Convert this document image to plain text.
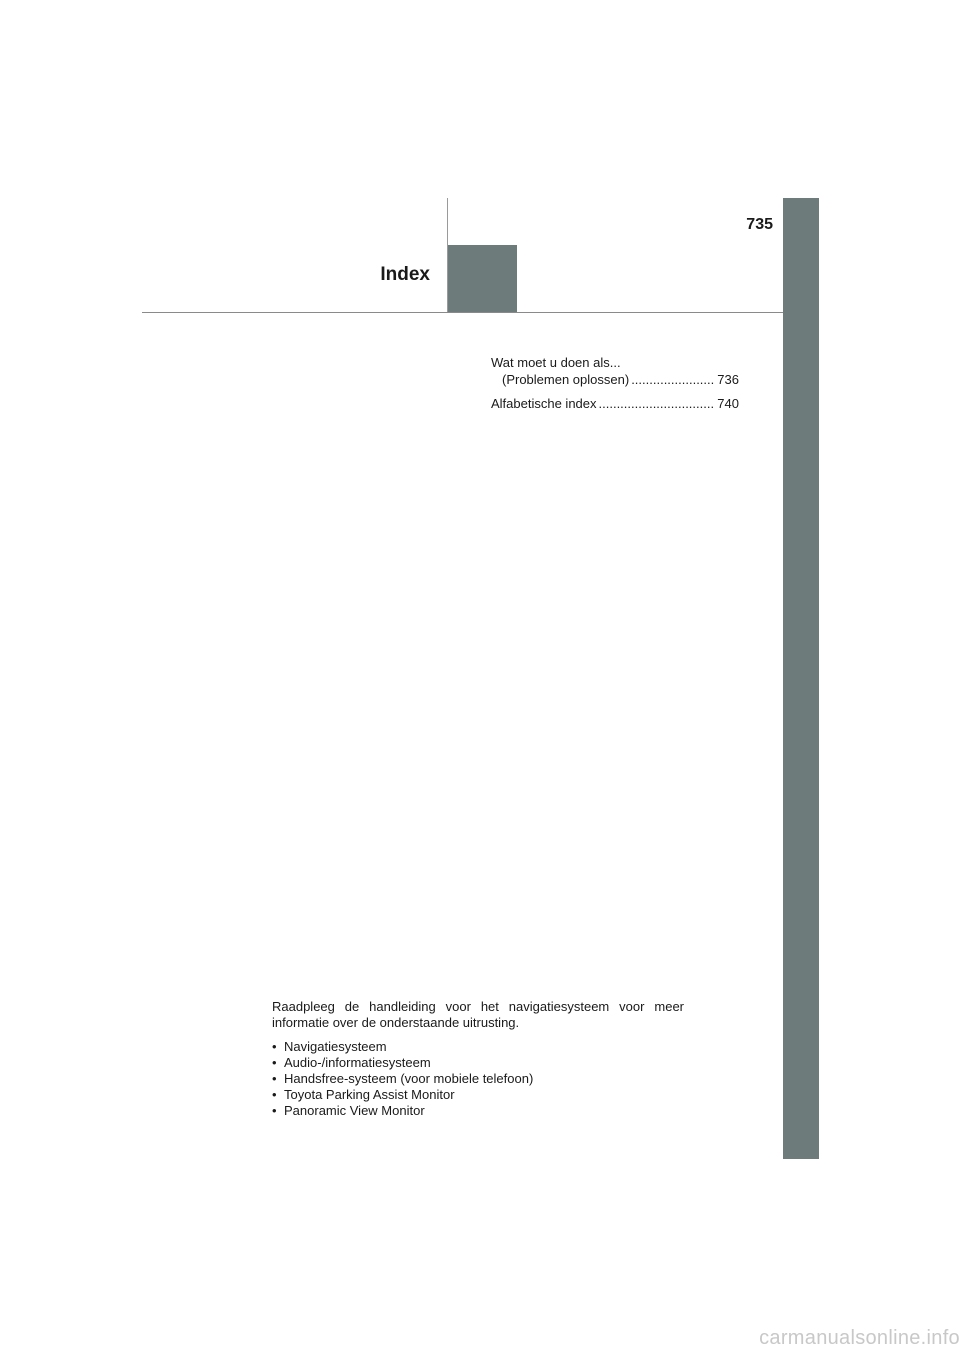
735
Index
Wat moet u doen als...
(Problemen oplossen) .....	736
Alfabetische index .....	740

Raadpleeg de handleiding voor het navigatiesysteem voor meer informatie over de onderstaande uitrusting.

• Navigatiesysteem
• Audio-/informatiesysteem
• Handsfree-systeem (voor mobiele telefoon)
• Toyota Parking Assist Monitor
• Panoramic View Monitor
carmanualsonline.info
